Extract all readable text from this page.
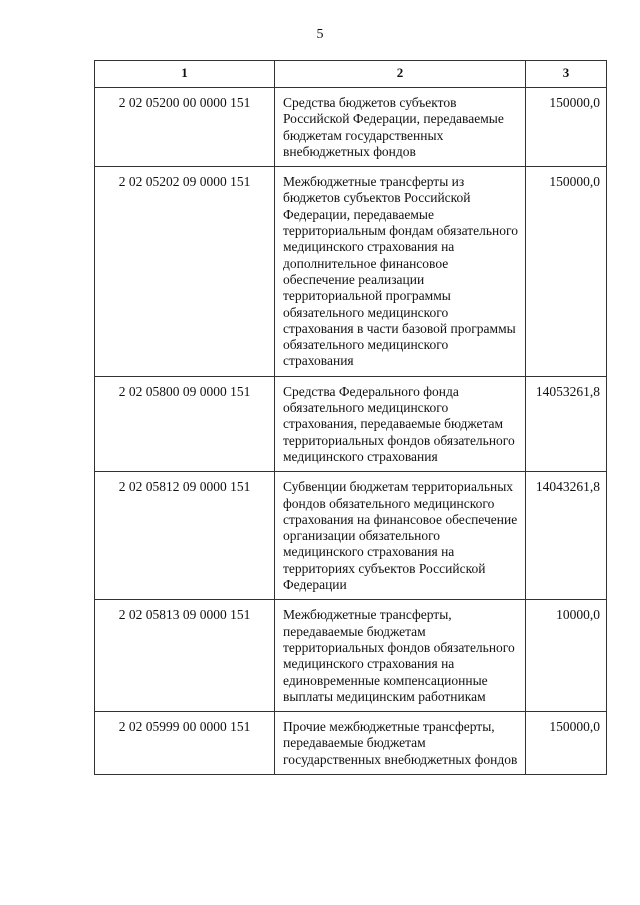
5
1	2	3
2 02 05200 00 0000 151	Средства бюджетов субъектов Российской Федерации, передаваемые бюджетам государственных внебюджетных фондов	150000,0
2 02 05202 09 0000 151	Межбюджетные трансферты из бюджетов субъектов Российской Федерации, передаваемые территориальным фондам обязательного медицинского страхования на дополнительное финансовое обеспечение реализации территориальной программы обязательного медицинского страхования в части базовой программы обязательного медицинского страхования	150000,0
2 02 05800 09 0000 151	Средства Федерального фонда обязательного медицинского страхования, передаваемые бюджетам территориальных фондов обязательного медицинского страхования	14053261,8
2 02 05812 09 0000 151	Субвенции бюджетам территориальных фондов обязательного медицинского страхования на финансовое обеспечение организации обязательного медицинского страхования на территориях субъектов Российской Федерации	14043261,8
2 02 05813 09 0000 151	Межбюджетные трансферты, передаваемые бюджетам территориальных фондов обязательного медицинского страхования на единовременные компенсационные выплаты медицинским работникам	10000,0
2 02 05999 00 0000 151	Прочие межбюджетные трансферты, передаваемые бюджетам государственных внебюджетных фондов	150000,0
